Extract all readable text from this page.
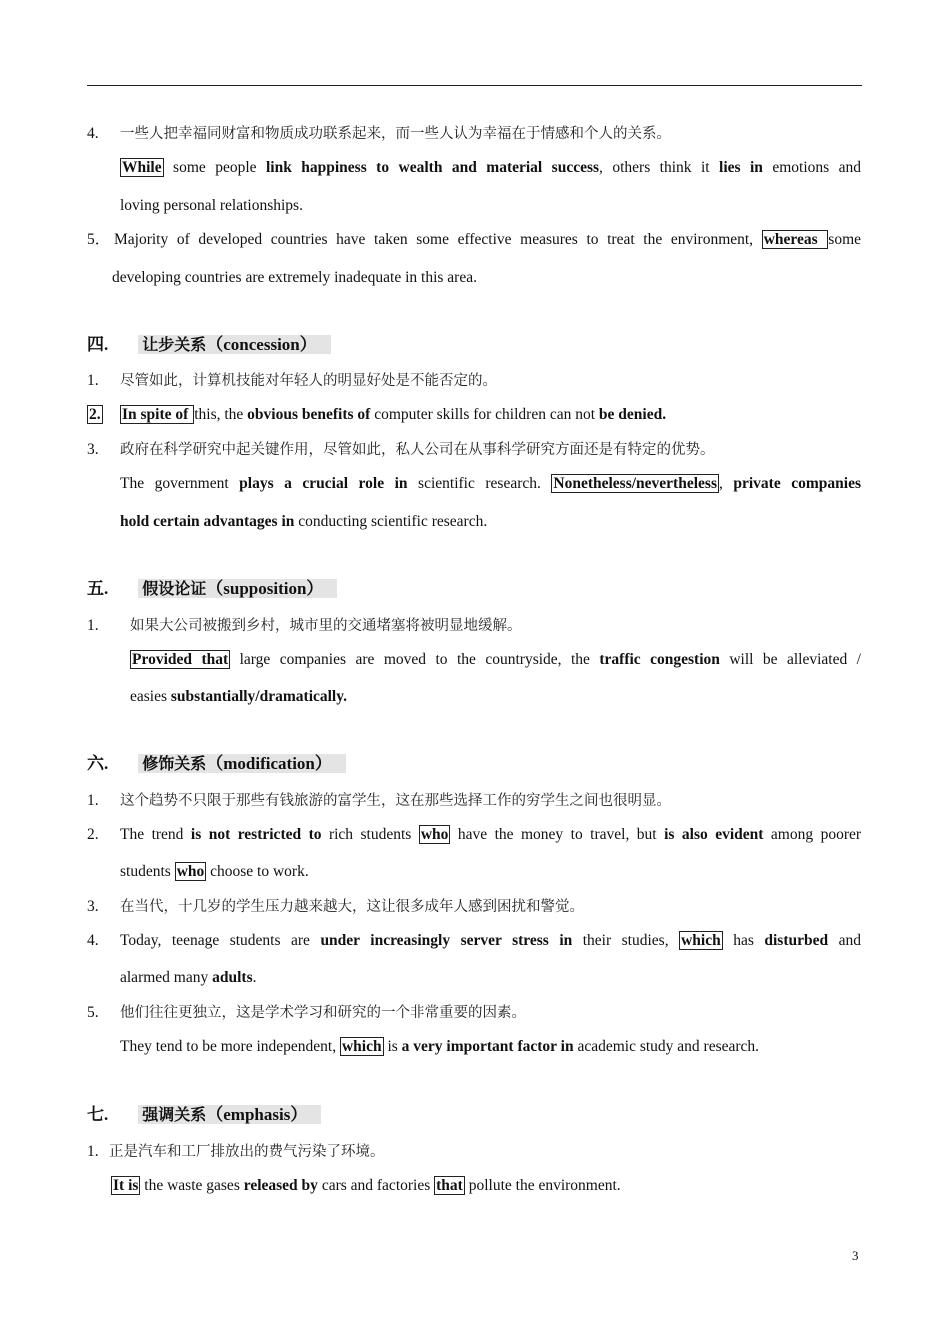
4. 一些人把幸福同财富和物质成功联系起来，而一些人认为幸福在于情感和个人的关系。
While some people link happiness to wealth and material success, others think it lies in emotions and
loving personal relationships.
5． Majority of developed countries have taken some effective measures to treat the environment, whereas some
developing countries are extremely inadequate in this area.
四. 让步关系（concession）
1. 尽管如此，计算机技能对年轻人的明显好处是不能否定的。
2. In spite of this, the obvious benefits of computer skills for children can not be denied.
3. 政府在科学研究中起关键作用，尽管如此，私人公司在从事科学研究方面还是有特定的优势。
The government plays a crucial role in scientific research. Nonetheless/nevertheless , private companies
hold certain advantages in conducting scientific research.
五. 假设论证（supposition）
1. 如果大公司被搬到乡村，城市里的交通堵塞将被明显地缓解。
Provided that large companies are moved to the countryside, the traffic congestion will be alleviated /
easies substantially/dramatically.
六. 修饰关系（modification）
1. 这个趋势不只限于那些有钱旅游的富学生，这在那些选择工作的穷学生之间也很明显。
2. The trend is not restricted to rich students who have the money to travel, but is also evident among poorer
students who choose to work.
3. 在当代，十几岁的学生压力越来越大，这让很多成年人感到困扰和警觉。
4. Today, teenage students are under increasingly server stress in their studies, which has disturbed and
alarmed many adults.
5. 他们往往更独立，这是学术学习和研究的一个非常重要的因素。
They tend to be more independent, which is a very important factor in academic study and research.
七. 强调关系（emphasis）
1. 正是汽车和工厂排放出的费气污染了环境。
It is the waste gases released by cars and factories that pollute the environment.
3
